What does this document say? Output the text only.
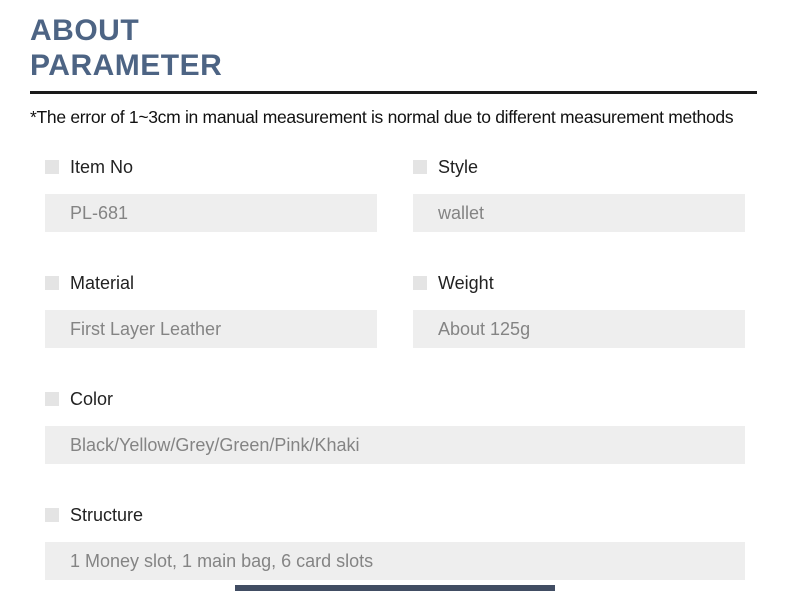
ABOUT
PARAMETER
*The error of 1~3cm in manual measurement is normal due to different measurement methods
Item No
PL-681
Style
wallet
Material
First Layer Leather
Weight
About 125g
Color
Black/Yellow/Grey/Green/Pink/Khaki
Structure
1 Money slot, 1 main bag, 6 card slots
